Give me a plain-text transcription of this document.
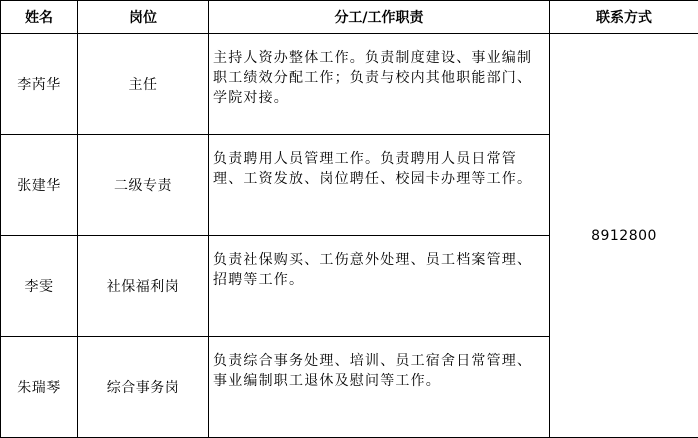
姓名	岗位	分工/工作职责	联系方式
李芮华	主任	主持人资办整体工作。负责制度建设、事业编制职工绩效分配工作；负责与校内其他职能部门、学院对接。	8912800
张建华	二级专责	负责聘用人员管理工作。负责聘用人员日常管理、工资发放、岗位聘任、校园卡办理等工作。	
李雯	社保福利岗	负责社保购买、工伤意外处理、员工档案管理、招聘等工作。	
朱瑞琴	综合事务岗	负责综合事务处理、培训、员工宿舍日常管理、事业编制职工退休及慰问等工作。	
